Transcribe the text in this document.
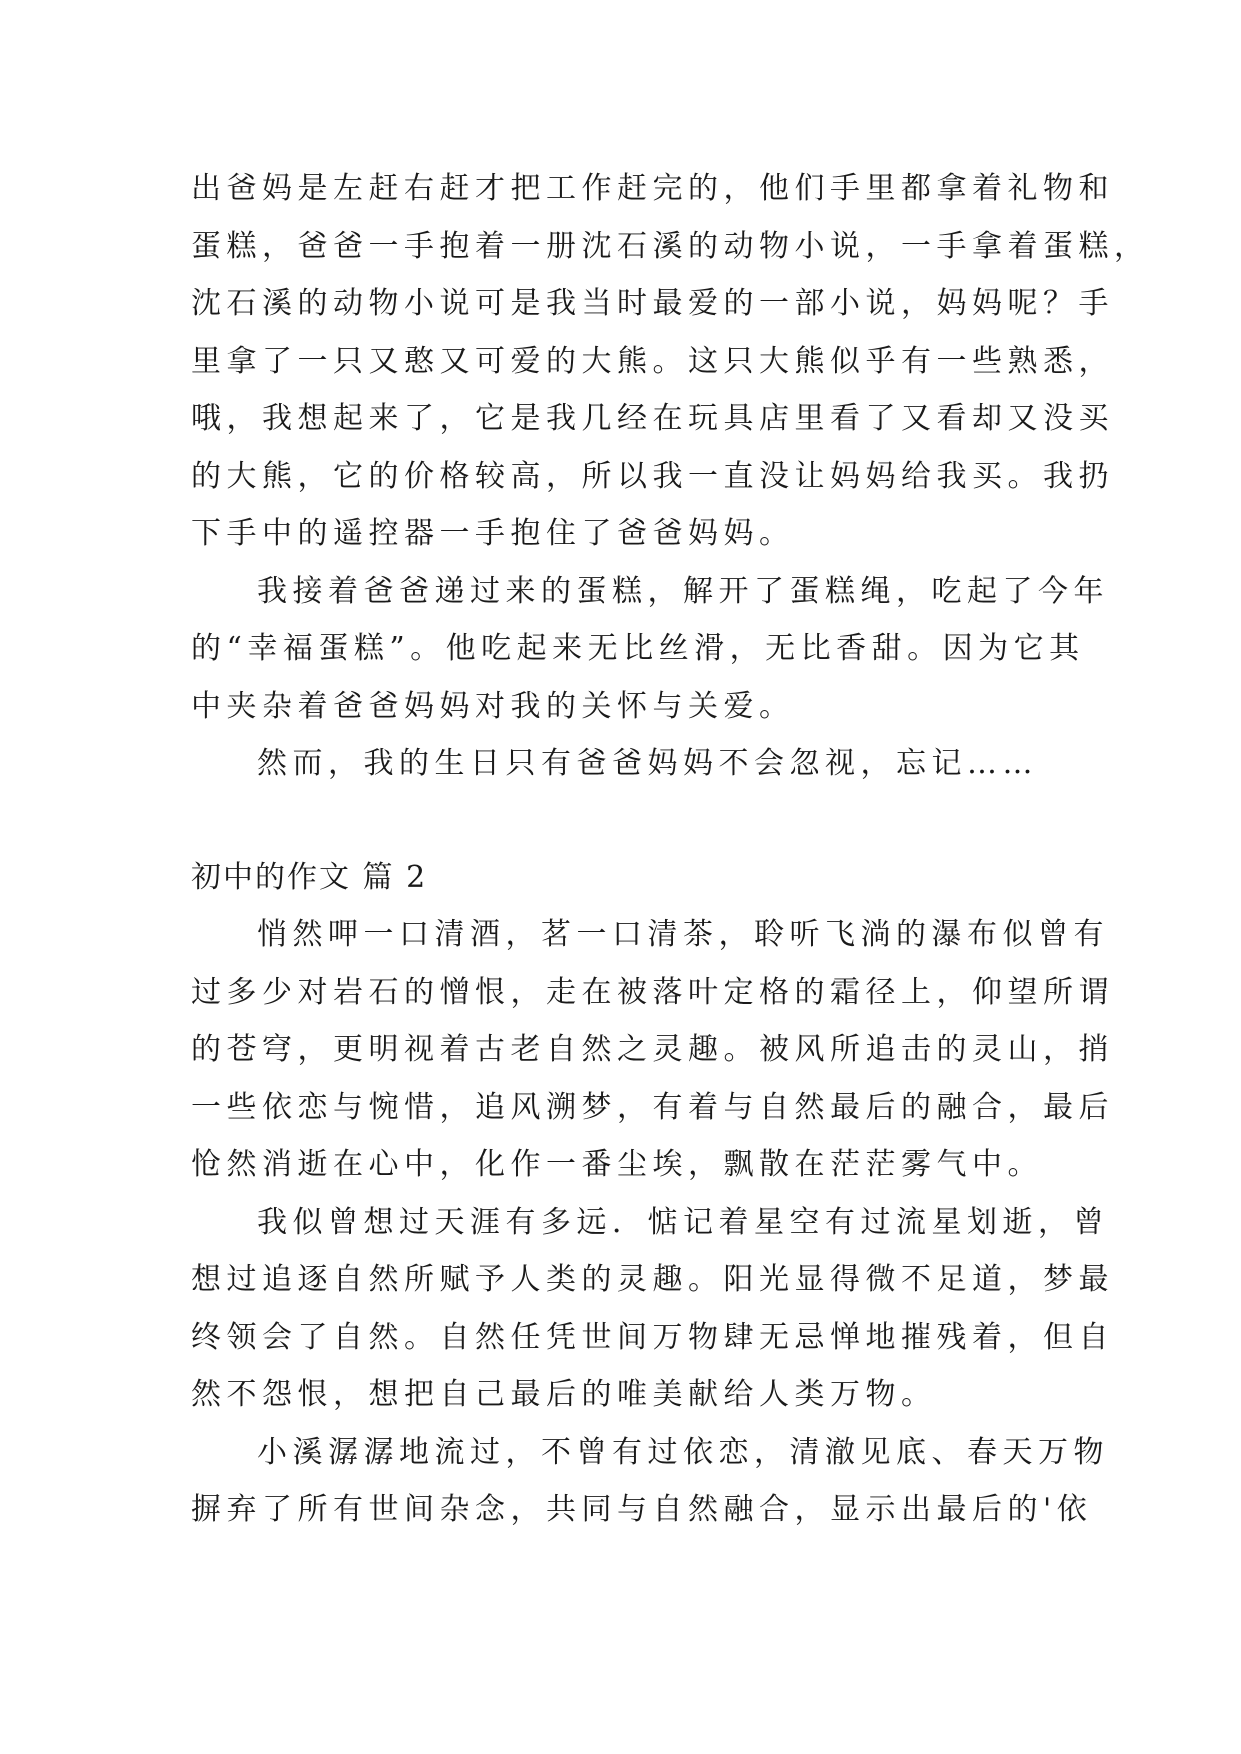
出爸妈是左赶右赶才把工作赶完的，他们手里都拿着礼物和
蛋糕，爸爸一手抱着一册沈石溪的动物小说，一手拿着蛋糕，
沈石溪的动物小说可是我当时最爱的一部小说，妈妈呢？手
里拿了一只又憨又可爱的大熊。这只大熊似乎有一些熟悉，
哦，我想起来了，它是我几经在玩具店里看了又看却又没买
的大熊，它的价格较高，所以我一直没让妈妈给我买。我扔
下手中的遥控器一手抱住了爸爸妈妈。
我接着爸爸递过来的蛋糕，解开了蛋糕绳，吃起了今年
的“幸福蛋糕”。他吃起来无比丝滑，无比香甜。因为它其
中夹杂着爸爸妈妈对我的关怀与关爱。
然而，我的生日只有爸爸妈妈不会忽视，忘记……
初中的作文 篇 2
悄然呷一口清酒，茗一口清茶，聆听飞淌的瀑布似曾有
过多少对岩石的憎恨，走在被落叶定格的霜径上，仰望所谓
的苍穹，更明视着古老自然之灵趣。被风所追击的灵山，捎
一些依恋与惋惜，追风溯梦，有着与自然最后的融合，最后
怆然消逝在心中，化作一番尘埃，飘散在茫茫雾气中。
我似曾想过天涯有多远．惦记着星空有过流星划逝，曾
想过追逐自然所赋予人类的灵趣。阳光显得微不足道，梦最
终领会了自然。自然任凭世间万物肆无忌惮地摧残着，但自
然不怨恨，想把自己最后的唯美献给人类万物。
小溪潺潺地流过，不曾有过依恋，清澈见底、春天万物
摒弃了所有世间杂念，共同与自然融合，显示出最后的'依
